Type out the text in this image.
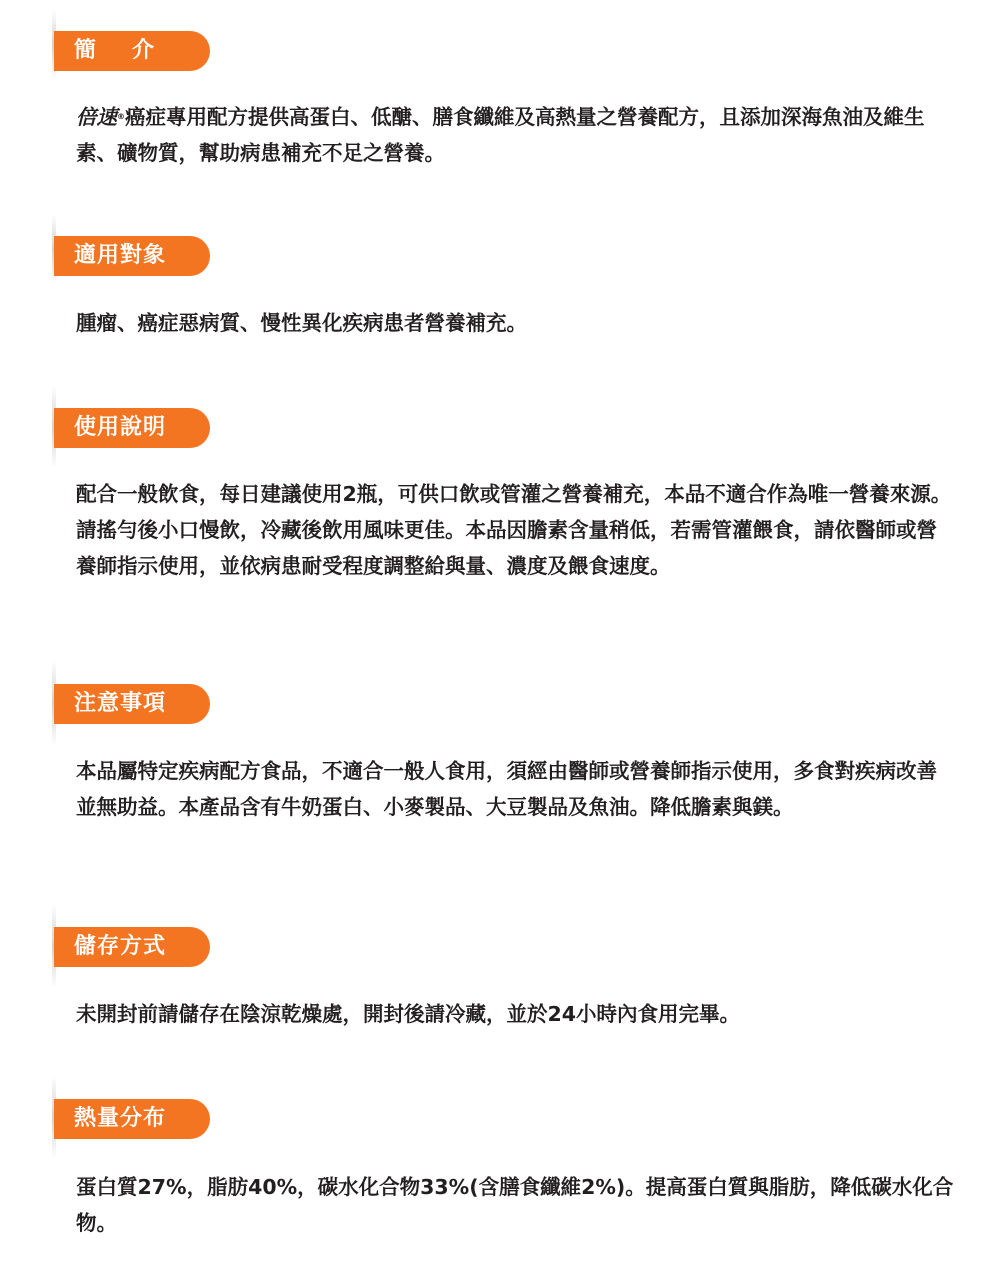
簡介

倍速®癌症專用配方提供高蛋白、低醣、膳食纖維及高熱量之營養配方，且添加深海魚油及維生素、礦物質，幫助病患補充不足之營養。

適用對象

腫瘤、癌症惡病質、慢性異化疾病患者營養補充。

使用說明

配合一般飲食，每日建議使用2瓶，可供口飲或管灌之營養補充，本品不適合作為唯一營養來源。

請搖勻後小口慢飲，冷藏後飲用風味更佳。本品因膽素含量稍低，若需管灌餵食，請依醫師或營養師指示使用，並依病患耐受程度調整給與量、濃度及餵食速度。

注意事項

本品屬特定疾病配方食品，不適合一般人食用，須經由醫師或營養師指示使用，多食對疾病改善並無助益。本產品含有牛奶蛋白、小麥製品、大豆製品及魚油。降低膽素與鎂。

儲存方式

未開封前請儲存在陰涼乾燥處，開封後請冷藏，並於24小時內食用完畢。

熱量分布

蛋白質27%，脂肪40%，碳水化合物33%(含膳食纖維2%)。提高蛋白質與脂肪，降低碳水化合物。
